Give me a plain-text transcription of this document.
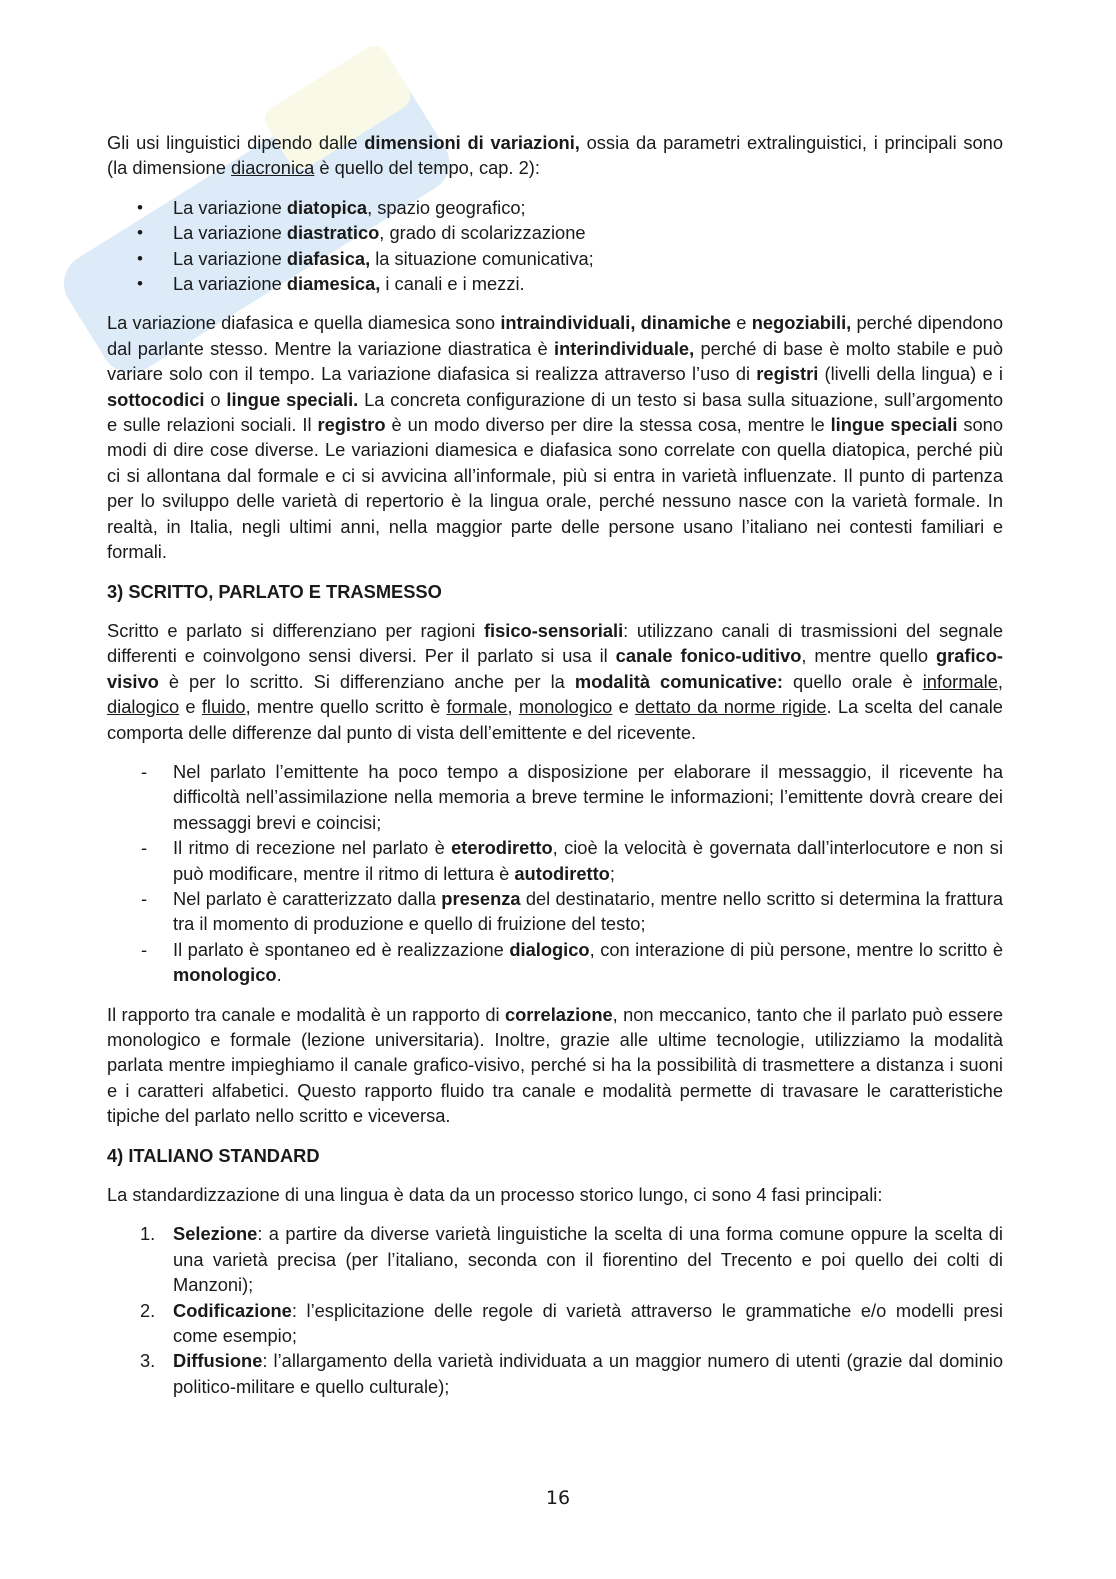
Gli usi linguistici dipendo dalle dimensioni di variazioni, ossia da parametri extralinguistici, i principali sono (la dimensione diacronica è quello del tempo, cap. 2):

• La variazione diatopica, spazio geografico;
• La variazione diastratico, grado di scolarizzazione
• La variazione diafasica, la situazione comunicativa;
• La variazione diamesica, i canali e i mezzi.

La variazione diafasica e quella diamesica sono intraindividuali, dinamiche e negoziabili, perché dipendono dal parlante stesso. Mentre la variazione diastratica è interindividuale, perché di base è molto stabile e può variare solo con il tempo. La variazione diafasica si realizza attraverso l’uso di registri (livelli della lingua) e i sottocodici o lingue speciali. La concreta configurazione di un testo si basa sulla situazione, sull’argomento e sulle relazioni sociali. Il registro è un modo diverso per dire la stessa cosa, mentre le lingue speciali sono modi di dire cose diverse. Le variazioni diamesica e diafasica sono correlate con quella diatopica, perché più ci si allontana dal formale e ci si avvicina all’informale, più si entra in varietà influenzate. Il punto di partenza per lo sviluppo delle varietà di repertorio è la lingua orale, perché nessuno nasce con la varietà formale. In realtà, in Italia, negli ultimi anni, nella maggior parte delle persone usano l’italiano nei contesti familiari e formali.

3) SCRITTO, PARLATO E TRASMESSO

Scritto e parlato si differenziano per ragioni fisico-sensoriali: utilizzano canali di trasmissioni del segnale differenti e coinvolgono sensi diversi. Per il parlato si usa il canale fonico-uditivo, mentre quello grafico-visivo è per lo scritto. Si differenziano anche per la modalità comunicative: quello orale è informale, dialogico e fluido, mentre quello scritto è formale, monologico e dettato da norme rigide. La scelta del canale comporta delle differenze dal punto di vista dell’emittente e del ricevente.

- Nel parlato l’emittente ha poco tempo a disposizione per elaborare il messaggio, il ricevente ha difficoltà nell’assimilazione nella memoria a breve termine le informazioni; l’emittente dovrà creare dei messaggi brevi e coincisi;
- Il ritmo di recezione nel parlato è eterodiretto, cioè la velocità è governata dall’interlocutore e non si può modificare, mentre il ritmo di lettura è autodiretto;
- Nel parlato è caratterizzato dalla presenza del destinatario, mentre nello scritto si determina la frattura tra il momento di produzione e quello di fruizione del testo;
- Il parlato è spontaneo ed è realizzazione dialogico, con interazione di più persone, mentre lo scritto è monologico.

Il rapporto tra canale e modalità è un rapporto di correlazione, non meccanico, tanto che il parlato può essere monologico e formale (lezione universitaria). Inoltre, grazie alle ultime tecnologie, utilizziamo la modalità parlata mentre impieghiamo il canale grafico-visivo, perché si ha la possibilità di trasmettere a distanza i suoni e i caratteri alfabetici. Questo rapporto fluido tra canale e modalità permette di travasare le caratteristiche tipiche del parlato nello scritto e viceversa.

4) ITALIANO STANDARD

La standardizzazione di una lingua è data da un processo storico lungo, ci sono 4 fasi principali:

1. Selezione: a partire da diverse varietà linguistiche la scelta di una forma comune oppure la scelta di una varietà precisa (per l’italiano, seconda con il fiorentino del Trecento e poi quello dei colti di Manzoni);
2. Codificazione: l’esplicitazione delle regole di varietà attraverso le grammatiche e/o modelli presi come esempio;
3. Diffusione: l’allargamento della varietà individuata a un maggior numero di utenti (grazie dal dominio politico-militare e quello culturale);
16
